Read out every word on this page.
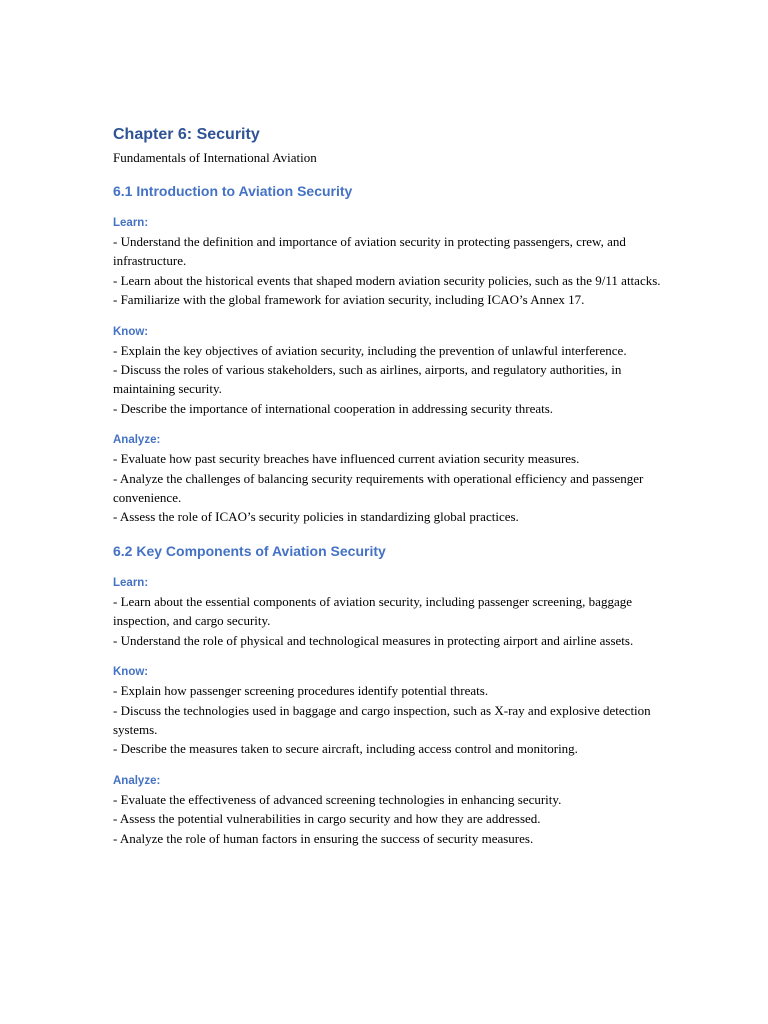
Chapter 6: Security

Fundamentals of International Aviation

6.1 Introduction to Aviation Security
Learn:

- Understand the definition and importance of aviation security in protecting passengers, crew, and infrastructure.

- Learn about the historical events that shaped modern aviation security policies, such as the 9/11 attacks.

- Familiarize with the global framework for aviation security, including ICAO’s Annex 17.

Know:

- Explain the key objectives of aviation security, including the prevention of unlawful interference.

- Discuss the roles of various stakeholders, such as airlines, airports, and regulatory authorities, in maintaining security.

- Describe the importance of international cooperation in addressing security threats.

Analyze:

- Evaluate how past security breaches have influenced current aviation security measures.

- Analyze the challenges of balancing security requirements with operational efficiency and passenger convenience.

- Assess the role of ICAO’s security policies in standardizing global practices.

6.2 Key Components of Aviation Security
Learn:

- Learn about the essential components of aviation security, including passenger screening, baggage inspection, and cargo security.

- Understand the role of physical and technological measures in protecting airport and airline assets.

Know:

- Explain how passenger screening procedures identify potential threats.

- Discuss the technologies used in baggage and cargo inspection, such as X-ray and explosive detection systems.

- Describe the measures taken to secure aircraft, including access control and monitoring.

Analyze:

- Evaluate the effectiveness of advanced screening technologies in enhancing security.

- Assess the potential vulnerabilities in cargo security and how they are addressed.

- Analyze the role of human factors in ensuring the success of security measures.
